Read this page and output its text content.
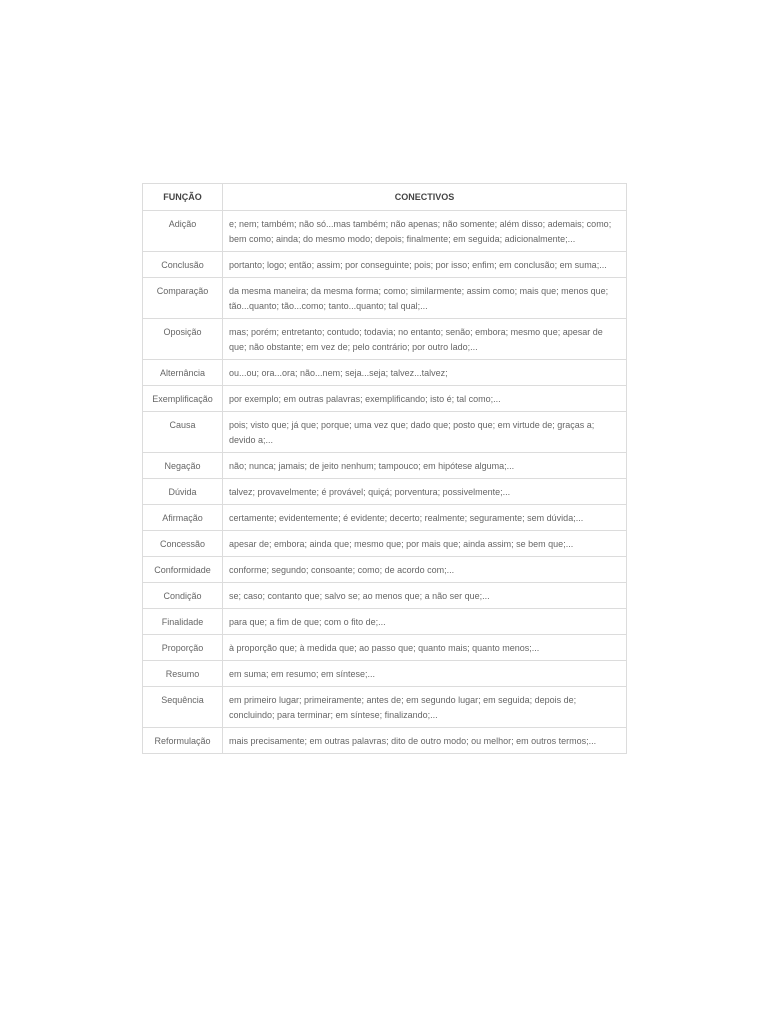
FUNÇÃO	CONECTIVOS
Adição	e; nem; também; não só...mas também; não apenas; não somente; além disso; ademais; como; bem como; ainda; do mesmo modo; depois; finalmente; em seguida; adicionalmente;...
Conclusão	portanto; logo; então; assim; por conseguinte; pois; por isso; enfim; em conclusão; em suma;...
Comparação	da mesma maneira; da mesma forma; como; similarmente; assim como; mais que; menos que; tão...quanto; tão...como; tanto...quanto; tal qual;...
Oposição	mas; porém; entretanto; contudo; todavia; no entanto; senão; embora; mesmo que; apesar de que; não obstante; em vez de; pelo contrário; por outro lado;...
Alternância	ou...ou; ora...ora; não...nem; seja...seja; talvez...talvez;
Exemplificação	por exemplo; em outras palavras; exemplificando; isto é; tal como;...
Causa	pois; visto que; já que; porque; uma vez que; dado que; posto que; em virtude de; graças a; devido a;...
Negação	não; nunca; jamais; de jeito nenhum; tampouco; em hipótese alguma;...
Dúvida	talvez; provavelmente; é provável; quiçá; porventura; possivelmente;...
Afirmação	certamente; evidentemente; é evidente; decerto; realmente; seguramente; sem dúvida;...
Concessão	apesar de; embora; ainda que; mesmo que; por mais que; ainda assim; se bem que;...
Conformidade	conforme; segundo; consoante; como; de acordo com;...
Condição	se; caso; contanto que; salvo se; ao menos que; a não ser que;...
Finalidade	para que; a fim de que; com o fito de;...
Proporção	à proporção que; à medida que; ao passo que; quanto mais; quanto menos;...
Resumo	em suma; em resumo; em síntese;...
Sequência	em primeiro lugar; primeiramente; antes de; em segundo lugar; em seguida; depois de; concluindo; para terminar; em síntese; finalizando;...
Reformulação	mais precisamente; em outras palavras; dito de outro modo; ou melhor; em outros termos;...
